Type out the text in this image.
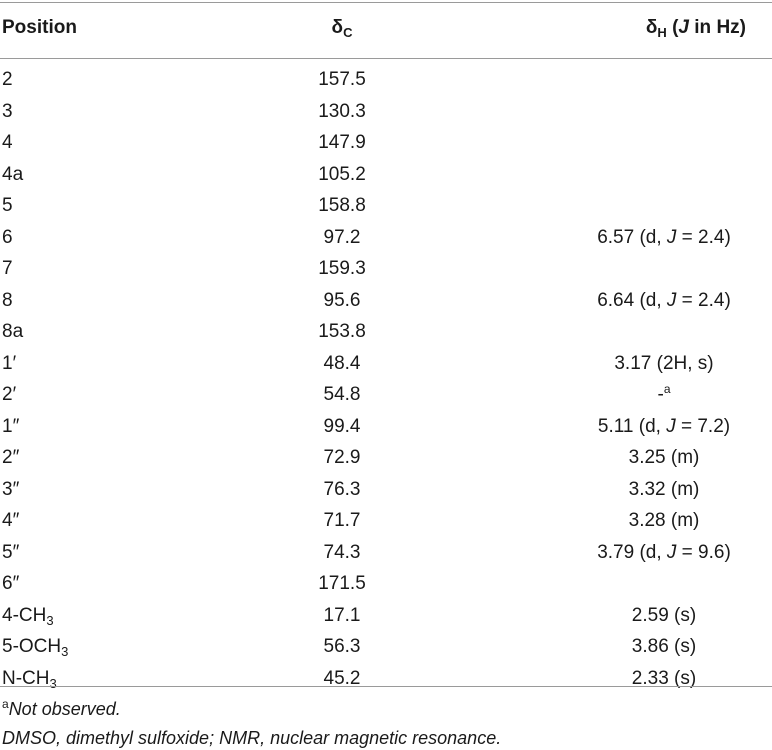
Position	$\delta_C$	$\delta_H$ (J in Hz)
2	157.5
3	130.3
4	147.9
4a	105.2
5	158.8
6	97.2	6.57 (d, J = 2.4)
7	159.3
8	95.6	6.64 (d, J = 2.4)
8a	153.8
1′	48.4	3.17 (2H, s)
2′	54.8	-$^a$
1″	99.4	5.11 (d, J = 7.2)
2″	72.9	3.25 (m)
3″	76.3	3.32 (m)
4″	71.7	3.28 (m)
5″	74.3	3.79 (d, J = 9.6)
6″	171.5
$4-CH_3$	17.1	2.59 (s)
$5-OCH_3$	56.3	3.86 (s)
$N-CH_3$	45.2	2.33 (s)
$^a$Not observed.
DMSO, dimethyl sulfoxide; NMR, nuclear magnetic resonance.
